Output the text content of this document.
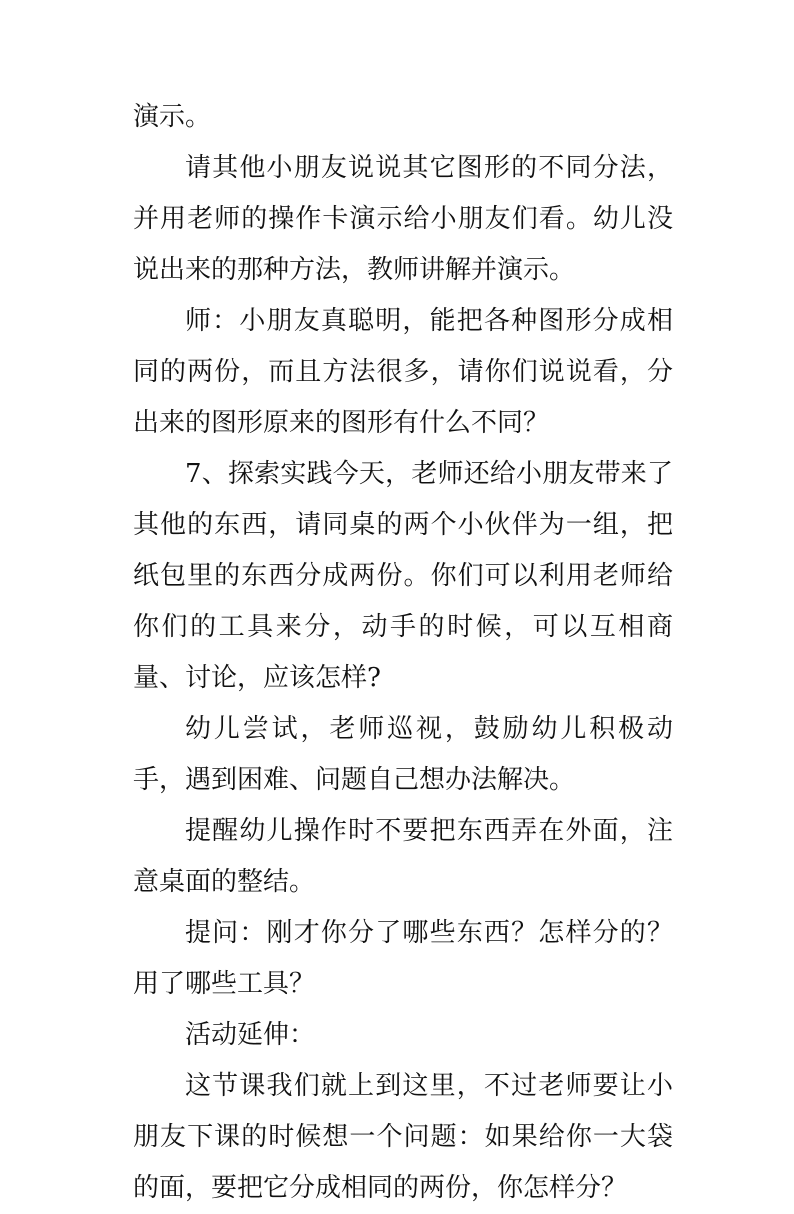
演示。

请其他小朋友说说其它图形的不同分法，并用老师的操作卡演示给小朋友们看。幼儿没说出来的那种方法，教师讲解并演示。

师：小朋友真聪明，能把各种图形分成相同的两份，而且方法很多，请你们说说看，分出来的图形原来的图形有什么不同？

7、探索实践今天，老师还给小朋友带来了其他的东西，请同桌的两个小伙伴为一组，把纸包里的东西分成两份。你们可以利用老师给你们的工具来分，动手的时候，可以互相商量、讨论，应该怎样?

幼儿尝试，老师巡视，鼓励幼儿积极动手，遇到困难、问题自己想办法解决。

提醒幼儿操作时不要把东西弄在外面，注意桌面的整结。

提问：刚才你分了哪些东西？怎样分的？用了哪些工具？

活动延伸：

这节课我们就上到这里，不过老师要让小朋友下课的时候想一个问题：如果给你一大袋的面，要把它分成相同的两份，你怎样分？
